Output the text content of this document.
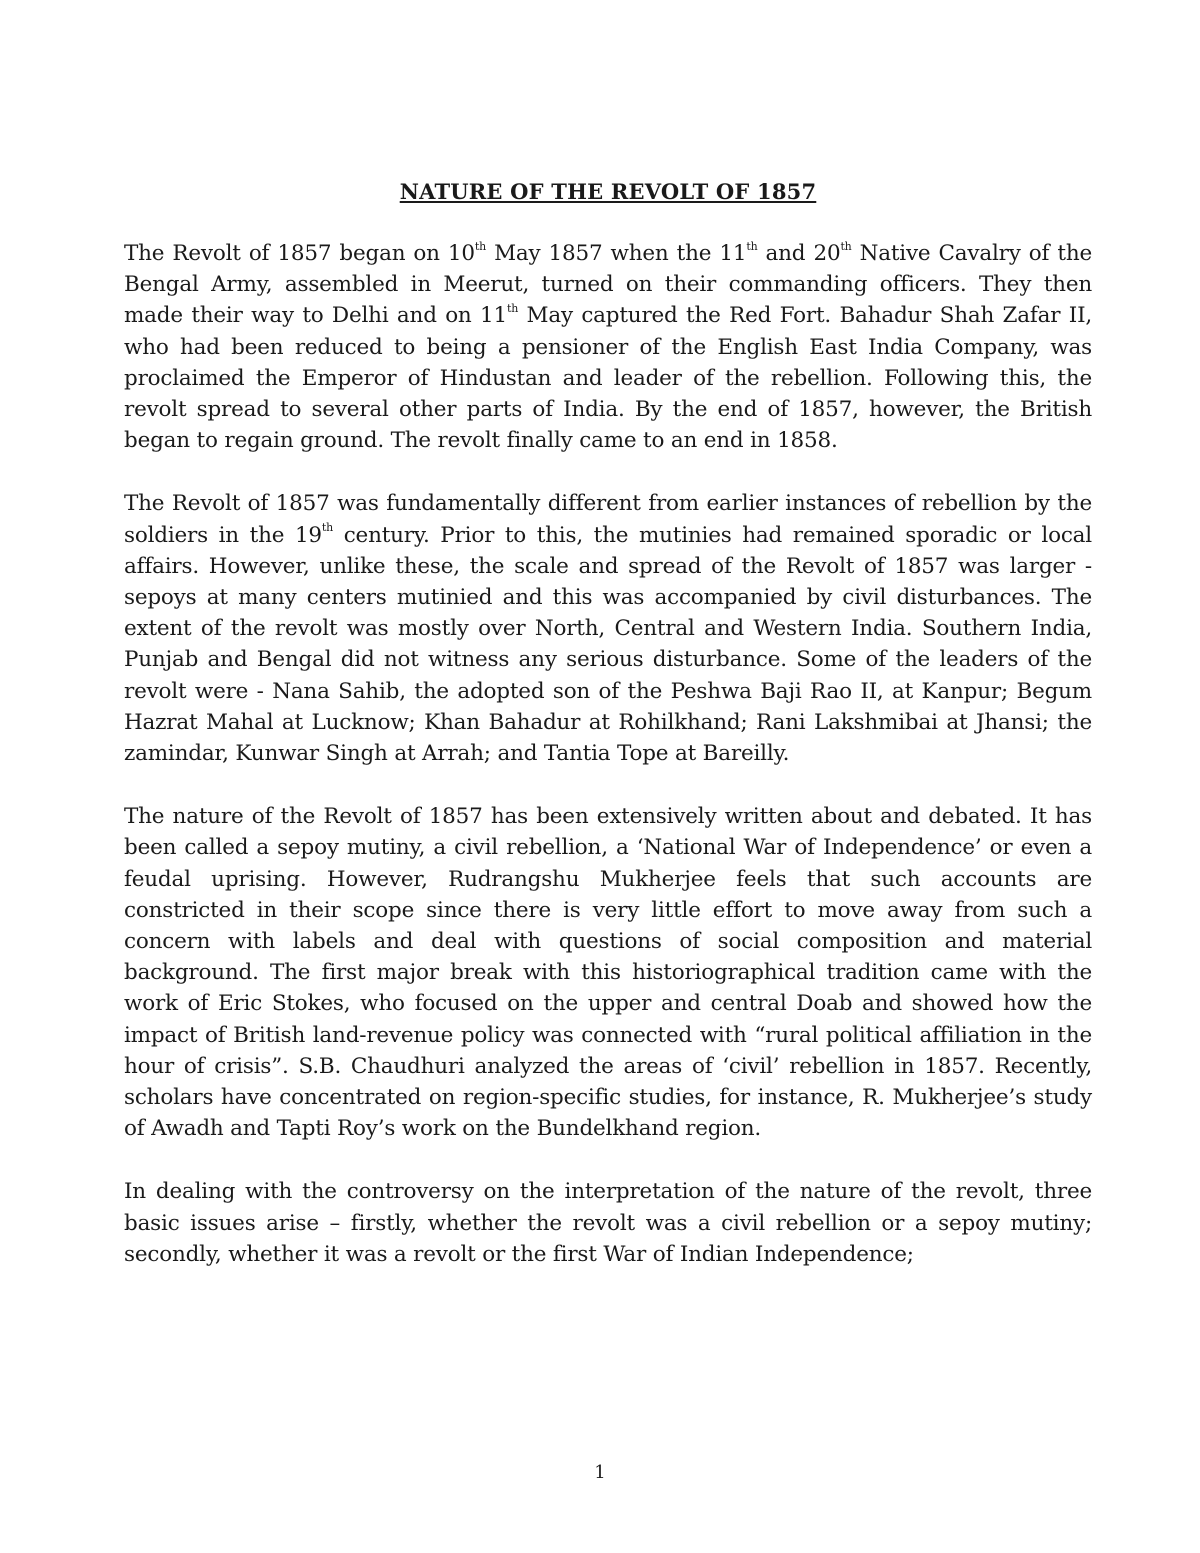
NATURE OF THE REVOLT OF 1857

The Revolt of 1857 began on 10th May 1857 when the 11th and 20th Native Cavalry of the Bengal Army, assembled in Meerut, turned on their commanding officers. They then made their way to Delhi and on 11th May captured the Red Fort. Bahadur Shah Zafar II, who had been reduced to being a pensioner of the English East India Company, was proclaimed the Emperor of Hindustan and leader of the rebellion. Following this, the revolt spread to several other parts of India. By the end of 1857, however, the British began to regain ground. The revolt finally came to an end in 1858.

The Revolt of 1857 was fundamentally different from earlier instances of rebellion by the soldiers in the 19th century. Prior to this, the mutinies had remained sporadic or local affairs. However, unlike these, the scale and spread of the Revolt of 1857 was larger - sepoys at many centers mutinied and this was accompanied by civil disturbances. The extent of the revolt was mostly over North, Central and Western India. Southern India, Punjab and Bengal did not witness any serious disturbance. Some of the leaders of the revolt were - Nana Sahib, the adopted son of the Peshwa Baji Rao II, at Kanpur; Begum Hazrat Mahal at Lucknow; Khan Bahadur at Rohilkhand; Rani Lakshmibai at Jhansi; the zamindar, Kunwar Singh at Arrah; and Tantia Tope at Bareilly.

The nature of the Revolt of 1857 has been extensively written about and debated. It has been called a sepoy mutiny, a civil rebellion, a ‘National War of Independence’ or even a feudal uprising. However, Rudrangshu Mukherjee feels that such accounts are constricted in their scope since there is very little effort to move away from such a concern with labels and deal with questions of social composition and material background. The first major break with this historiographical tradition came with the work of Eric Stokes, who focused on the upper and central Doab and showed how the impact of British land-revenue policy was connected with “rural political affiliation in the hour of crisis”. S.B. Chaudhuri analyzed the areas of ‘civil’ rebellion in 1857. Recently, scholars have concentrated on region-specific studies, for instance, R. Mukherjee’s study of Awadh and Tapti Roy’s work on the Bundelkhand region.

In dealing with the controversy on the interpretation of the nature of the revolt, three basic issues arise – firstly, whether the revolt was a civil rebellion or a sepoy mutiny; secondly, whether it was a revolt or the first War of Indian Independence;

1
